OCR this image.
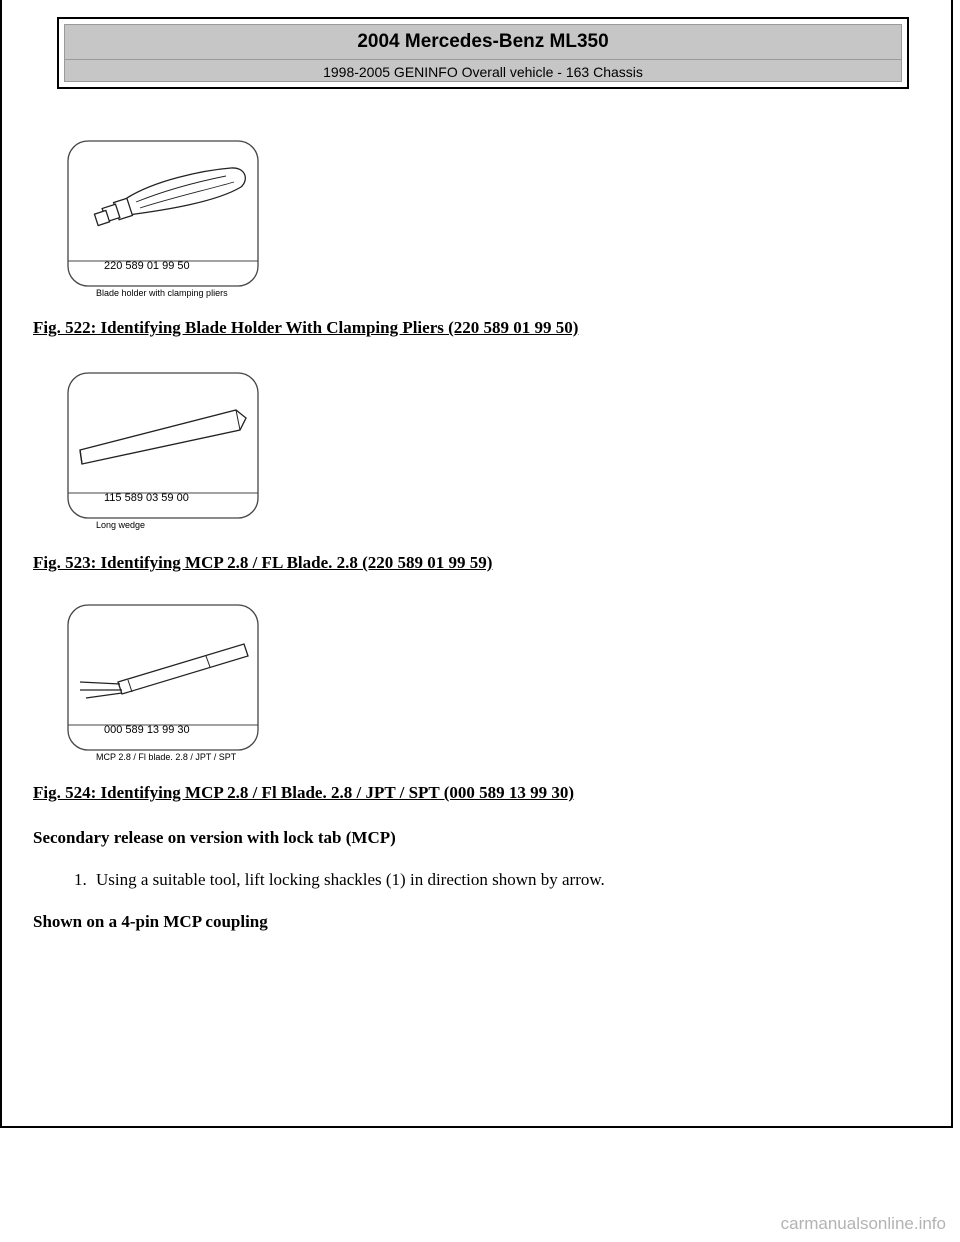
2004 Mercedes-Benz ML350
1998-2005 GENINFO Overall vehicle - 163 Chassis
220 589 01 99 50
Blade holder with clamping pliers
Fig. 522: Identifying Blade Holder With Clamping Pliers (220 589 01 99 50)
115 589 03 59 00
Long wedge
Fig. 523: Identifying MCP 2.8 / FL Blade. 2.8 (220 589 01 99 59)
000 589 13 99 30
MCP 2.8 / Fl blade. 2.8 / JPT / SPT
Fig. 524: Identifying MCP 2.8 / Fl Blade. 2.8 / JPT / SPT (000 589 13 99 30)
Secondary release on version with lock tab (MCP)
1. Using a suitable tool, lift locking shackles (1) in direction shown by arrow.
Shown on a 4-pin MCP coupling
carmanualsonline.info
